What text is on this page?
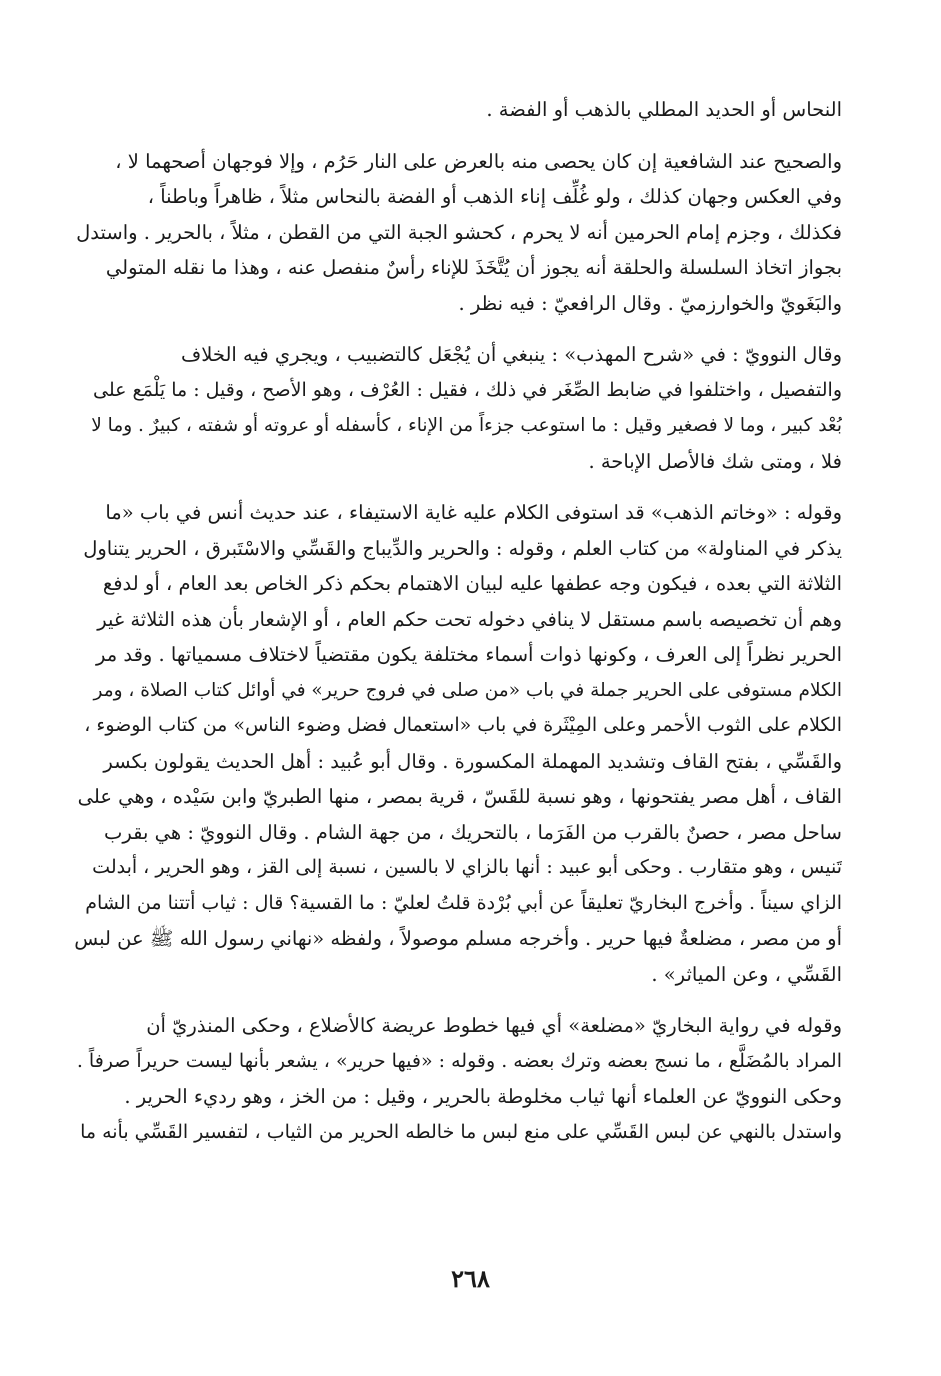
النحاس أو الحديد المطلي بالذهب أو الفضة .
والصحيح عند الشافعية إن كان يحصى منه بالعرض على النار حَرُم ، وإلا فوجهان أصحهما لا ،
وفي العكس وجهان كذلك ، ولو غُلِّف إناء الذهب أو الفضة بالنحاس مثلاً ، ظاهراً وباطناً ،
فكذلك ، وجزم إمام الحرمين أنه لا يحرم ، كحشو الجبة التي من القطن ، مثلاً ، بالحرير . واستدل
بجواز اتخاذ السلسلة والحلقة أنه يجوز أن يُتَّخَذَ للإناء رأسٌ منفصل عنه ، وهذا ما نقله المتولي
والبَغَويّ والخوارزميّ . وقال الرافعيّ : فيه نظر .
وقال النوويّ : في «شرح المهذب» : ينبغي أن يُجْعَل كالتضبيب ، ويجري فيه الخلاف
والتفصيل ، واختلفوا في ضابط الصِّغَر في ذلك ، فقيل : العُرْف ، وهو الأصح ، وقيل : ما يَلْمَع على
بُعْد كبير ، وما لا فصغير وقيل : ما استوعب جزءاً من الإناء ، كأسفله أو عروته أو شفته ، كبيرٌ . وما لا
فلا ، ومتى شك فالأصل الإباحة .
وقوله : «وخاتم الذهب» قد استوفى الكلام عليه غاية الاستيفاء ، عند حديث أنس في باب «ما
يذكر في المناولة» من كتاب العلم ، وقوله : والحرير والدِّيباج والقَسِّي والاسْتَبرق ، الحرير يتناول
الثلاثة التي بعده ، فيكون وجه عطفها عليه لبيان الاهتمام بحكم ذكر الخاص بعد العام ، أو لدفع
وهم أن تخصيصه باسم مستقل لا ينافي دخوله تحت حكم العام ، أو الإشعار بأن هذه الثلاثة غير
الحرير نظراً إلى العرف ، وكونها ذوات أسماء مختلفة يكون مقتضياً لاختلاف مسمياتها . وقد مر
الكلام مستوفى على الحرير جملة في باب «من صلى في فروج حرير» في أوائل كتاب الصلاة ، ومر
الكلام على الثوب الأحمر وعلى المِيْثَرة في باب «استعمال فضل وضوء الناس» من كتاب الوضوء ،
والقَسِّي ، بفتح القاف وتشديد المهملة المكسورة . وقال أبو عُبيد : أهل الحديث يقولون بكسر
القاف ، أهل مصر يفتحونها ، وهو نسبة للقَسّ ، قرية بمصر ، منها الطبريّ وابن سَيْده ، وهي على
ساحل مصر ، حصنٌ بالقرب من الفَرَما ، بالتحريك ، من جهة الشام . وقال النوويّ : هي بقرب
تَنيس ، وهو متقارب . وحكى أبو عبيد : أنها بالزاي لا بالسين ، نسبة إلى القز ، وهو الحرير ، أبدلت
الزاي سيناً . وأخرج البخاريّ تعليقاً عن أبي بُرْدة قلتُ لعليّ : ما القسية؟ قال : ثياب أتتنا من الشام
أو من مصر ، مضلعةٌ فيها حرير . وأخرجه مسلم موصولاً ، ولفظه «نهاني رسول الله ﷺ عن لبس
القَسِّي ، وعن المياثر» .
وقوله في رواية البخاريّ «مضلعة» أي فيها خطوط عريضة كالأضلاع ، وحكى المنذريّ أن
المراد بالمُضَلَّع ، ما نسج بعضه وترك بعضه . وقوله : «فيها حرير» ، يشعر بأنها ليست حريراً صرفاً .
وحكى النوويّ عن العلماء أنها ثياب مخلوطة بالحرير ، وقيل : من الخز ، وهو رديء الحرير .
واستدل بالنهي عن لبس القَسِّي على منع لبس ما خالطه الحرير من الثياب ، لتفسير القَسِّي بأنه ما
٢٦٨
